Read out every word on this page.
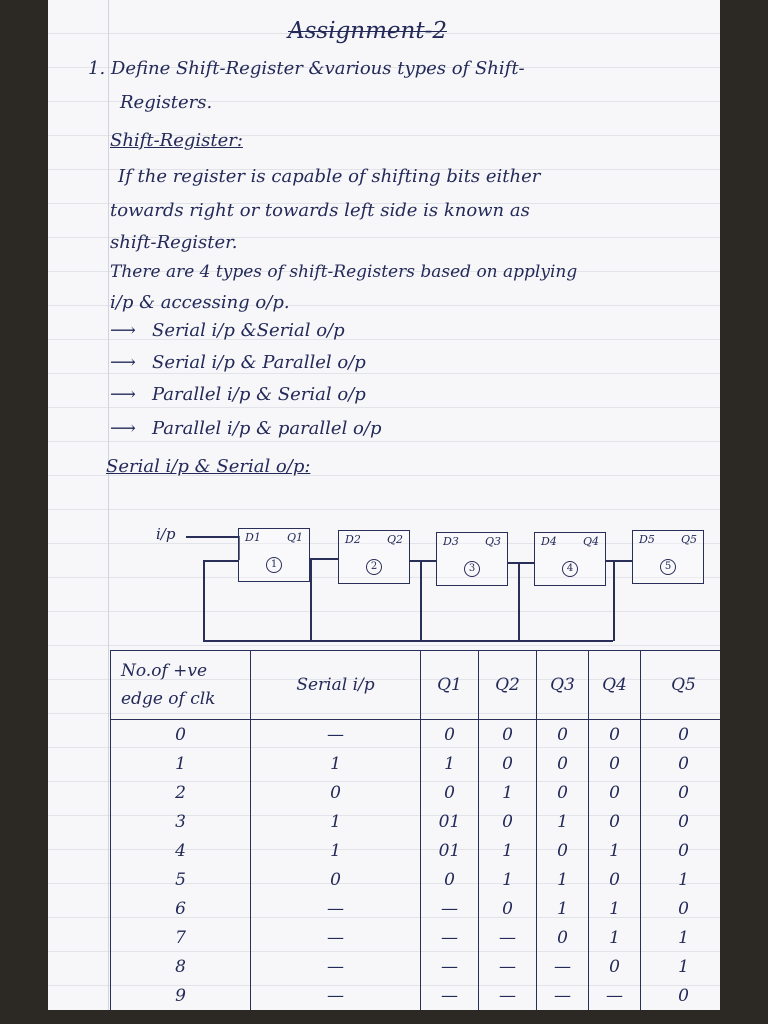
Assignment-2
1. Define Shift-Register &various types of Shift-
Registers.
Shift-Register:
If the register is capable of shifting bits either
towards right or towards left side is known as
shift-Register.
There are 4 types of shift-Registers based on applying
i/p & accessing o/p.
⟶ Serial i/p &Serial o/p
⟶ Serial i/p & Parallel o/p
⟶ Parallel i/p & Serial o/p
⟶ Parallel i/p & parallel o/p
Serial i/p & Serial o/p:
i/p	D1 Q1
1
D2 Q2
2
D3 Q3
3
D4 Q4
4
D5 Q5
5
No.of +ve edge of clk	Serial i/p	Q1	Q2	Q3	Q4	Q5
0	—	0	0	0	0	0
1	1	1	0	0	0	0
2	0	0	1	0	0	0
3	1	01	0	1	0	0
4	1	01	1	0	1	0
5	0	0	1	1	0	1
6	—	—	0	1	1	0
7	—	—	—	0	1	1
8	—	—	—	—	0	1
9	—	—	—	—	—	0
